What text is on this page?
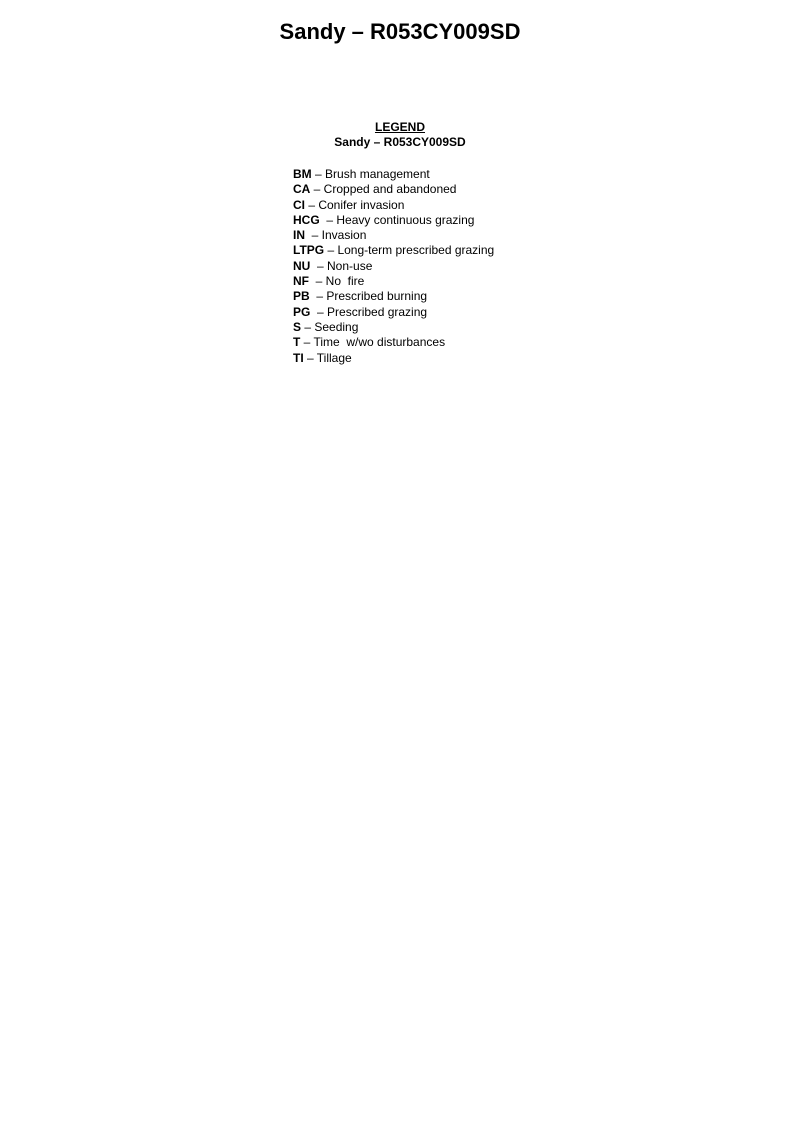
Sandy – R053CY009SD

LEGEND

Sandy – R053CY009SD

BM – Brush management
CA – Cropped and abandoned
CI – Conifer invasion
HCG  – Heavy continuous grazing
IN  – Invasion
LTPG – Long-term prescribed grazing
NU  – Non-use
NF  – No  fire
PB  – Prescribed burning
PG  – Prescribed grazing
S – Seeding
T – Time  w/wo disturbances
TI – Tillage
